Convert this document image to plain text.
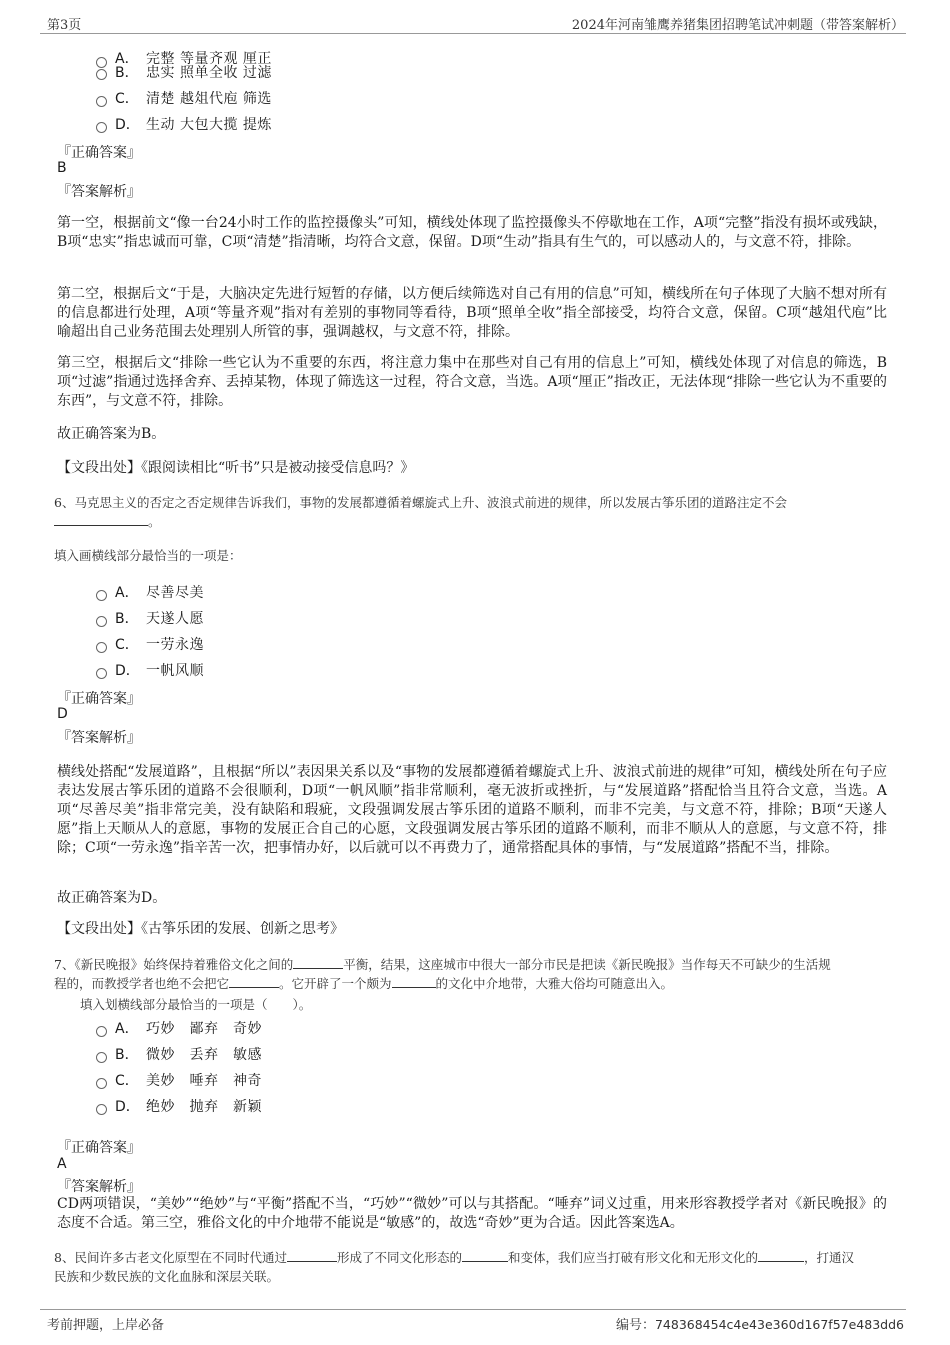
第3页	2024年河南雏鹰养猪集团招聘笔试冲刺题（带答案解析）
A． 完整 等量齐观 厘正
B． 忠实 照单全收 过滤
C． 清楚 越俎代庖 筛选
D． 生动 大包大揽 提炼
『正确答案』
B
『答案解析』
第一空，根据前文“像一台24小时工作的监控摄像头”可知，横线处体现了监控摄像头不停歇地在工作，A项“完整”指没有损坏或残缺，B项“忠实”指忠诚而可靠，C项“清楚”指清晰，均符合文意，保留。D项“生动”指具有生气的，可以感动人的，与文意不符，排除。
第二空，根据后文“于是，大脑决定先进行短暂的存储，以方便后续筛选对自己有用的信息”可知，横线所在句子体现了大脑不想对所有的信息都进行处理，A项“等量齐观”指对有差别的事物同等看待，B项“照单全收”指全部接受，均符合文意，保留。C项“越俎代庖”比喻超出自己业务范围去处理别人所管的事，强调越权，与文意不符，排除。
第三空，根据后文“排除一些它认为不重要的东西，将注意力集中在那些对自己有用的信息上”可知，横线处体现了对信息的筛选，B项“过滤”指通过选择舍弃、丢掉某物，体现了筛选这一过程，符合文意，当选。A项“厘正”指改正，无法体现“排除一些它认为不重要的东西”，与文意不符，排除。
故正确答案为B。
【文段出处】《跟阅读相比“听书”只是被动接受信息吗？》
6、马克思主义的否定之否定规律告诉我们，事物的发展都遵循着螺旋式上升、波浪式前进的规律，所以发展古筝乐团的道路注定不会
。
填入画横线部分最恰当的一项是：
A． 尽善尽美
B． 天遂人愿
C． 一劳永逸
D． 一帆风顺
『正确答案』
D
『答案解析』
横线处搭配“发展道路”，且根据“所以”表因果关系以及“事物的发展都遵循着螺旋式上升、波浪式前进的规律”可知，横线处所在句子应表达发展古筝乐团的道路不会很顺利，D项“一帆风顺”指非常顺利，毫无波折或挫折，与“发展道路”搭配恰当且符合文意，当选。A项“尽善尽美”指非常完美，没有缺陷和瑕疵，文段强调发展古筝乐团的道路不顺利，而非不完美，与文意不符，排除；B项“天遂人愿”指上天顺从人的意愿，事物的发展正合自己的心愿，文段强调发展古筝乐团的道路不顺利，而非不顺从人的意愿，与文意不符，排除；C项“一劳永逸”指辛苦一次，把事情办好，以后就可以不再费力了，通常搭配具体的事情，与“发展道路”搭配不当，排除。
故正确答案为D。
【文段出处】《古筝乐团的发展、创新之思考》
7、《新民晚报》始终保持着雅俗文化之间的	平衡，结果，这座城市中很大一部分市民是把读《新民晚报》当作每天不可缺少的生活规
程的，而教授学者也绝不会把它	。它开辟了一个颇为	的文化中介地带，大雅大俗均可随意出入。
填入划横线部分最恰当的一项是（　　）。
A． 巧妙　鄙弃　奇妙
B． 微妙　丢弃　敏感
C． 美妙　唾弃　神奇
D． 绝妙　抛弃　新颖
『正确答案』
A
『答案解析』
CD两项错误，“美妙”“绝妙”与“平衡”搭配不当，“巧妙”“微妙”可以与其搭配。“唾弃”词义过重，用来形容教授学者对《新民晚报》的态度不合适。第三空，雅俗文化的中介地带不能说是“敏感”的，故选“奇妙”更为合适。因此答案选A。
8、民间许多古老文化原型在不同时代通过	形成了不同文化形态的	和变体，我们应当打破有形文化和无形文化的	，打通汉
民族和少数民族的文化血脉和深层关联。
考前押题，上岸必备	编号：748368454c4e43e360d167f57e483dd6
